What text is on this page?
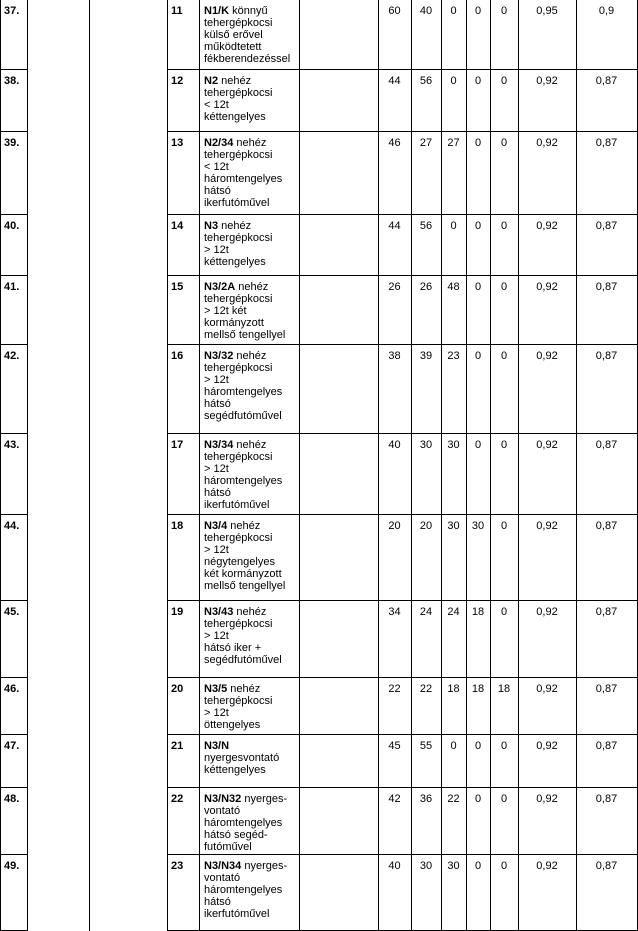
37.	11	N1/K könnyű
tehergépkocsi
külső erővel
működtetett
fékberendezéssel
60	40	0	0	0	0,95	0,9
38.	12	N2 nehéz
tehergépkocsi
< 12t
kéttengelyes
44	56	0	0	0	0,92	0,87
39.	13	N2/34 nehéz
tehergépkocsi
< 12t
háromtengelyes
hátsó
ikerfutóművel
46	27	27	0	0	0,92	0,87
40.	14	N3 nehéz
tehergépkocsi
> 12t
kéttengelyes
44	56	0	0	0	0,92	0,87
41.	15	N3/2A nehéz
tehergépkocsi
> 12t két
kormányzott
mellső tengellyel
26	26	48	0	0	0,92	0,87
42.	16	N3/32 nehéz
tehergépkocsi
> 12t
háromtengelyes
hátsó
segédfutóművel
38	39	23	0	0	0,92	0,87
43.	17	N3/34 nehéz
tehergépkocsi
> 12t
háromtengelyes
hátsó
ikerfutóművel
40	30	30	0	0	0,92	0,87
44.	18	N3/4 nehéz
tehergépkocsi
> 12t
négytengelyes
két kormányzott
mellső tengellyel
20	20	30	30	0	0,92	0,87
45.	19	N3/43 nehéz
tehergépkocsi
> 12t
hátsó iker +
segédfutóművel
34	24	24	18	0	0,92	0,87
46.	20	N3/5 nehéz
tehergépkocsi
> 12t
öttengelyes
22	22	18	18	18	0,92	0,87
47.	21	N3/N
nyergesvontató
kéttengelyes
45	55	0	0	0	0,92	0,87
48.	22	N3/N32 nyerges-
vontató
háromtengelyes
hátsó segéd-
futóművel
42	36	22	0	0	0,92	0,87
49.	23	N3/N34 nyerges-
vontató
háromtengelyes
hátsó
ikerfutóművel
40	30	30	0	0	0,92	0,87
